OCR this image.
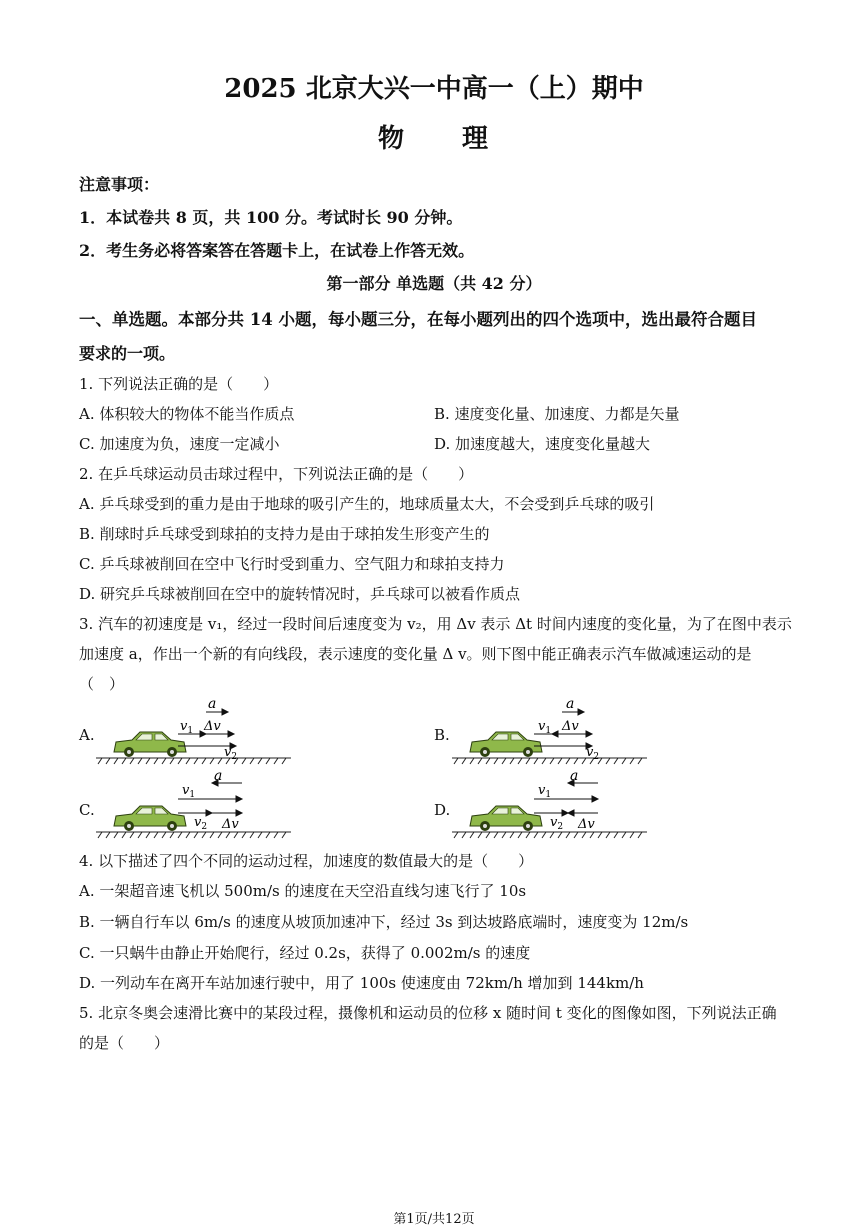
2025 北京大兴一中高一（上）期中
物　　理
注意事项：
1．本试卷共 8 页，共 100 分。考试时长 90 分钟。
2．考生务必将答案答在答题卡上，在试卷上作答无效。
第一部分 单选题（共 42 分）
一、单选题。本部分共 14 小题，每小题三分，在每小题列出的四个选项中，选出最符合题目
要求的一项。
1. 下列说法正确的是（　　）
A. 体积较大的物体不能当作质点	B. 速度变化量、加速度、力都是矢量
C. 加速度为负，速度一定减小	D. 加速度越大，速度变化量越大
2. 在乒乓球运动员击球过程中，下列说法正确的是（　　）
A. 乒乓球受到的重力是由于地球的吸引产生的，地球质量太大，不会受到乒乓球的吸引
B. 削球时乒乓球受到球拍的支持力是由于球拍发生形变产生的
C. 乒乓球被削回在空中飞行时受到重力、空气阻力和球拍支持力
D. 研究乒乓球被削回在空中的旋转情况时，乒乓球可以被看作质点
3. 汽车的初速度是 v₁，经过一段时间后速度变为 v₂，用 Δv 表示 Δt 时间内速度的变化量，为了在图中表示
加速度 a，作出一个新的有向线段，表示速度的变化量 Δ v。则下图中能正确表示汽车做减速运动的是
（　）
A.	B.
C.	D.
a
$v_1$ Δv
$v_2$
a
$v_1$ Δv
$v_2$
a
$v_1$
$v_2$ Δv
a
$v_1$
$v_2$ Δv
4. 以下描述了四个不同的运动过程，加速度的数值最大的是（　　）
A. 一架超音速飞机以 500m/s 的速度在天空沿直线匀速飞行了 10s
B. 一辆自行车以 6m/s 的速度从坡顶加速冲下，经过 3s 到达坡路底端时，速度变为 12m/s
C. 一只蜗牛由静止开始爬行，经过 0.2s，获得了 0.002m/s 的速度
D. 一列动车在离开车站加速行驶中，用了 100s 使速度由 72km/h 增加到 144km/h
5. 北京冬奥会速滑比赛中的某段过程，摄像机和运动员的位移 x 随时间 t 变化的图像如图，下列说法正确
的是（　　）
第1页/共12页
